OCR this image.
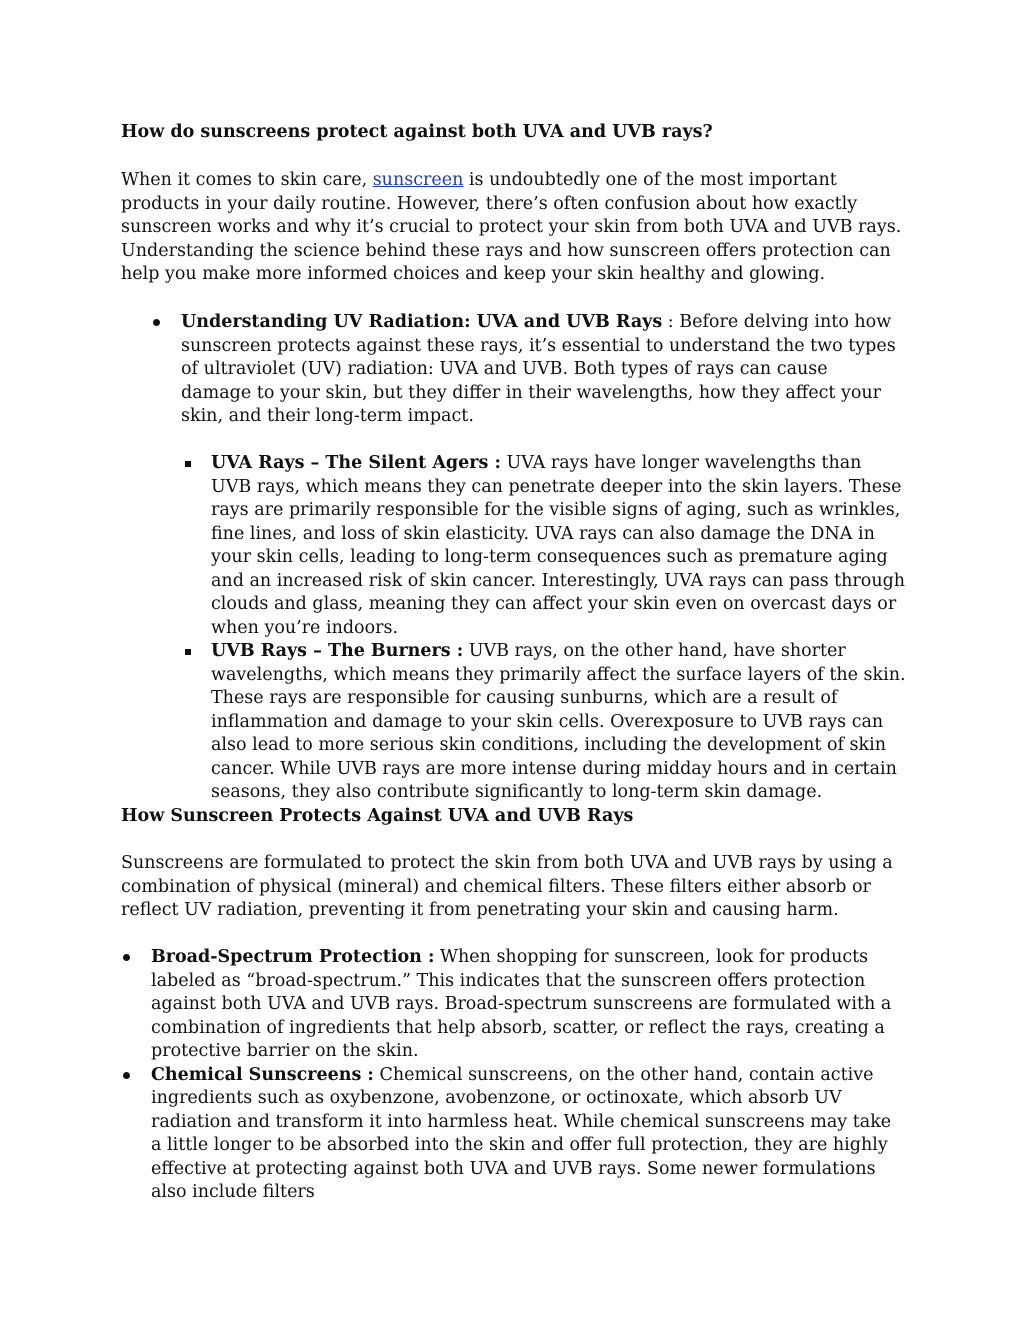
How do sunscreens protect against both UVA and UVB rays?

When it comes to skin care, sunscreen is undoubtedly one of the most important products in your daily routine. However, there’s often confusion about how exactly sunscreen works and why it’s crucial to protect your skin from both UVA and UVB rays. Understanding the science behind these rays and how sunscreen offers protection can help you make more informed choices and keep your skin healthy and glowing.

Understanding UV Radiation: UVA and UVB Rays : Before delving into how sunscreen protects against these rays, it’s essential to understand the two types of ultraviolet (UV) radiation: UVA and UVB. Both types of rays can cause damage to your skin, but they differ in their wavelengths, how they affect your skin, and their long-term impact.
UVA Rays – The Silent Agers : UVA rays have longer wavelengths than UVB rays, which means they can penetrate deeper into the skin layers. These rays are primarily responsible for the visible signs of aging, such as wrinkles, fine lines, and loss of skin elasticity. UVA rays can also damage the DNA in your skin cells, leading to long-term consequences such as premature aging and an increased risk of skin cancer. Interestingly, UVA rays can pass through clouds and glass, meaning they can affect your skin even on overcast days or when you’re indoors.
UVB Rays – The Burners : UVB rays, on the other hand, have shorter wavelengths, which means they primarily affect the surface layers of the skin. These rays are responsible for causing sunburns, which are a result of inflammation and damage to your skin cells. Overexposure to UVB rays can also lead to more serious skin conditions, including the development of skin cancer. While UVB rays are more intense during midday hours and in certain seasons, they also contribute significantly to long-term skin damage.
How Sunscreen Protects Against UVA and UVB Rays

Sunscreens are formulated to protect the skin from both UVA and UVB rays by using a combination of physical (mineral) and chemical filters. These filters either absorb or reflect UV radiation, preventing it from penetrating your skin and causing harm.

Broad-Spectrum Protection : When shopping for sunscreen, look for products labeled as “broad-spectrum.” This indicates that the sunscreen offers protection against both UVA and UVB rays. Broad-spectrum sunscreens are formulated with a combination of ingredients that help absorb, scatter, or reflect the rays, creating a protective barrier on the skin.
Chemical Sunscreens : Chemical sunscreens, on the other hand, contain active ingredients such as oxybenzone, avobenzone, or octinoxate, which absorb UV radiation and transform it into harmless heat. While chemical sunscreens may take a little longer to be absorbed into the skin and offer full protection, they are highly effective at protecting against both UVA and UVB rays. Some newer formulations also include filters
